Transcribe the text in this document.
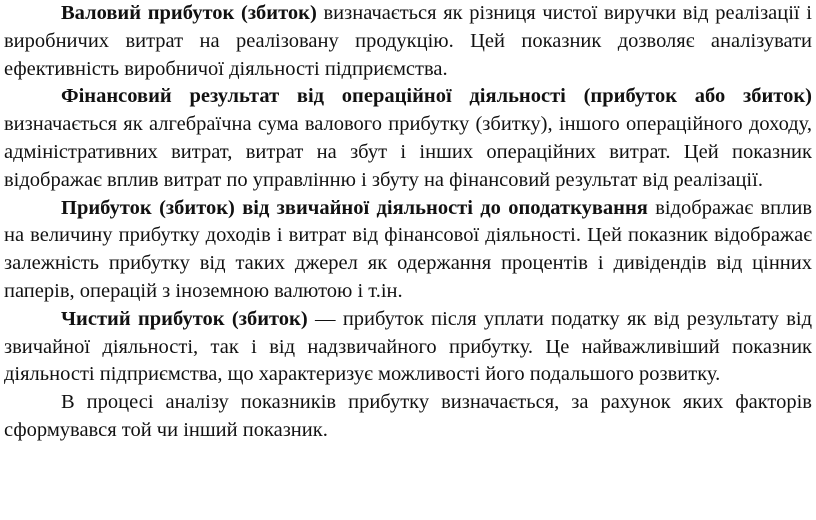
Валовий прибуток (збиток) визначається як різниця чистої виручки від реалізації і виробничих витрат на реалізовану продукцію. Цей показник дозволяє аналізувати ефективність виробничої діяльності підприємства.

Фінансовий результат від операційної діяльності (прибуток або збиток) визначається як алгебраїчна сума валового прибутку (збитку), іншого операційного доходу, адміністративних витрат, витрат на збут і інших операційних витрат. Цей показник відображає вплив витрат по управлінню і збуту на фінансовий результат від реалізації.

Прибуток (збиток) від звичайної діяльності до оподаткування відображає вплив на величину прибутку доходів і витрат від фінансової діяльності. Цей показник відображає залежність прибутку від таких джерел як одержання процентів і дивідендів від цінних паперів, операцій з іноземною валютою і т.ін.

Чистий прибуток (збиток) — прибуток після уплати податку як від результату від звичайної діяльності, так і від надзвичайного прибутку. Це найважливіший показник діяльності підприємства, що характеризує можливості його подальшого розвитку.

В процесі аналізу показників прибутку визначається, за рахунок яких факторів сформувався той чи інший показник.
